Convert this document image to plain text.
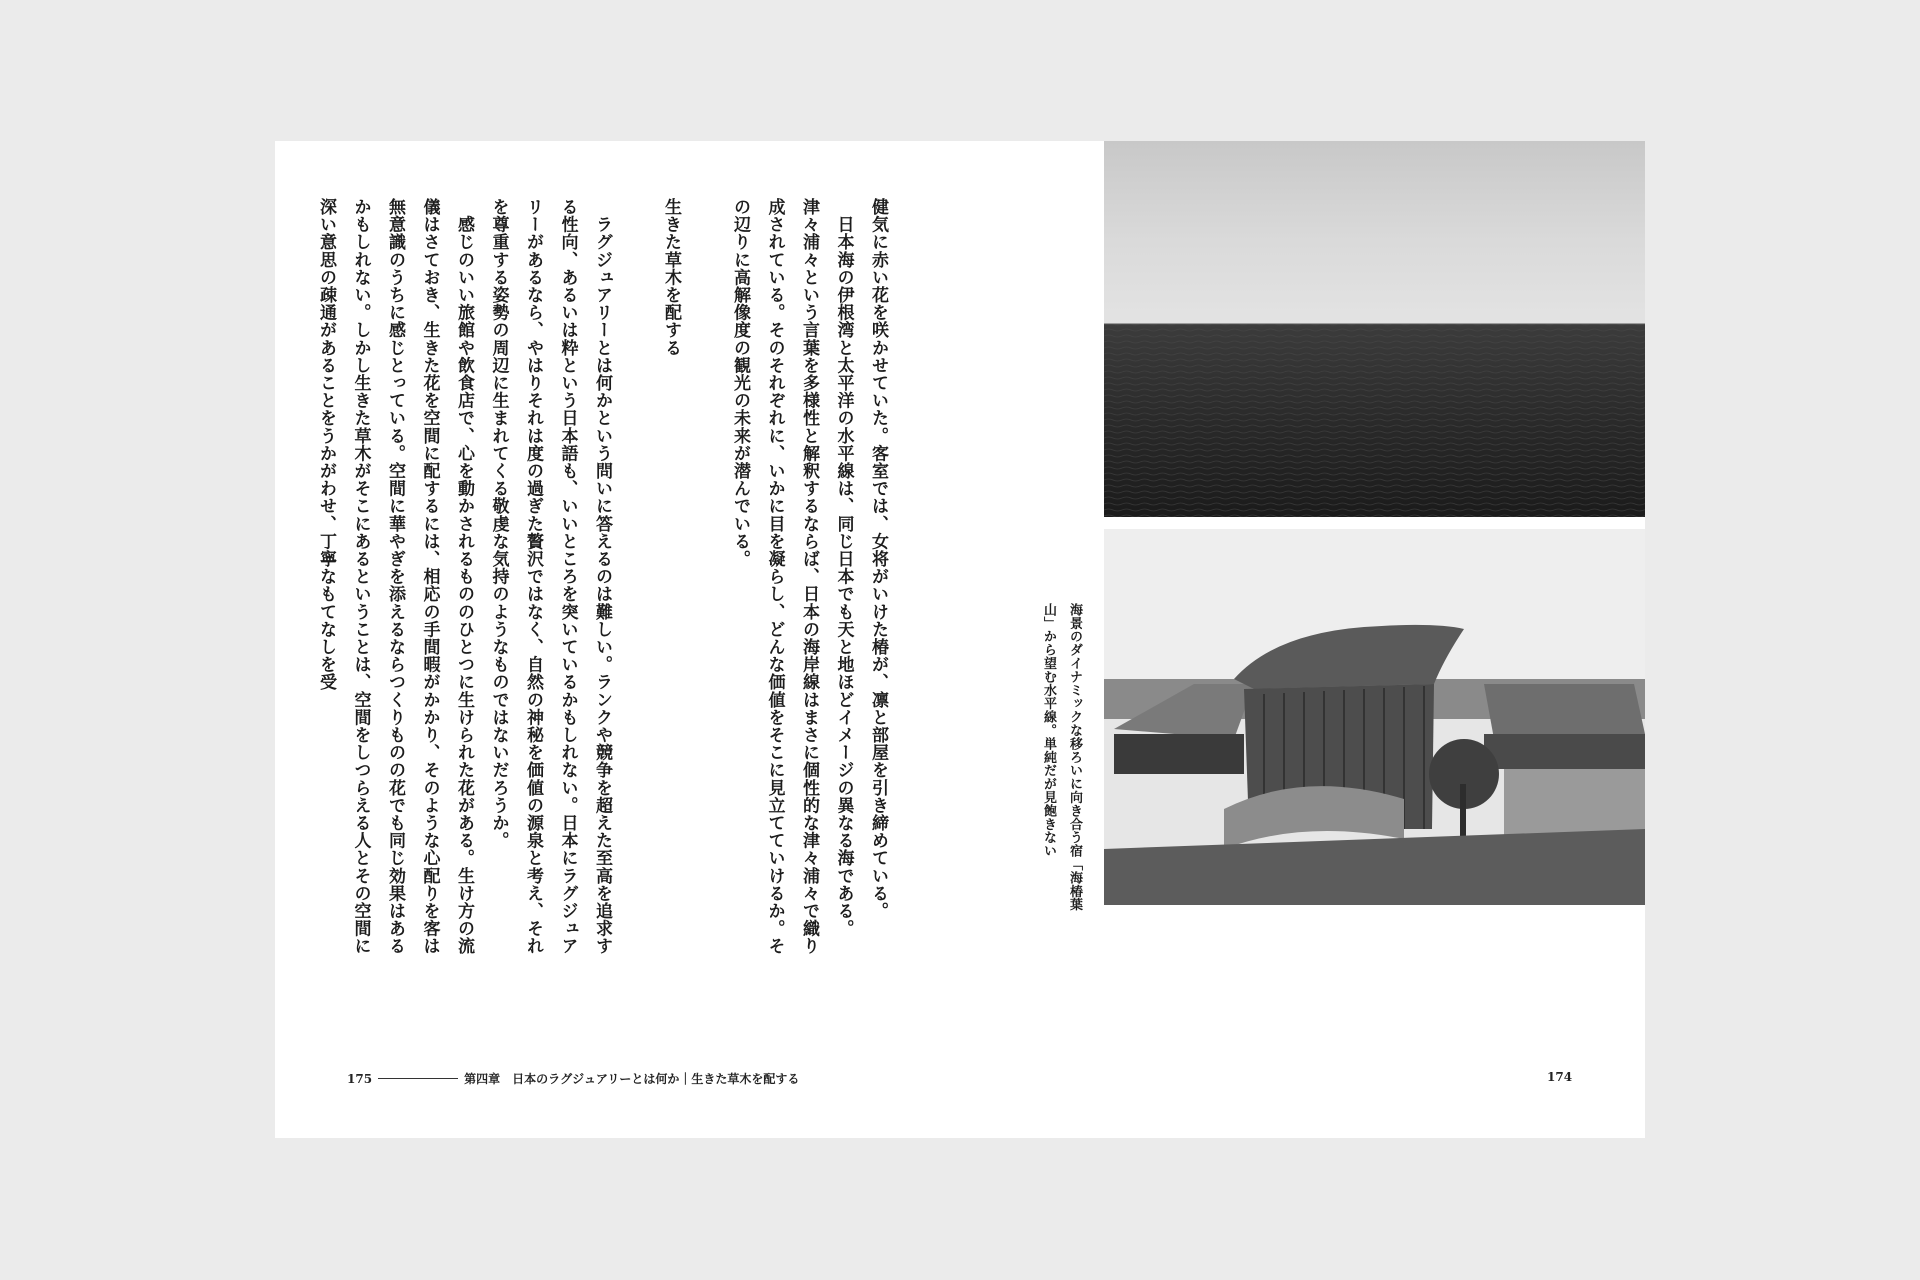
健気に赤い花を咲かせていた。客室では、女将がいけた椿が、凛と部屋を引き締めている。

　日本海の伊根湾と太平洋の水平線は、同じ日本でも天と地ほどイメージの異なる海である。津々浦々という言葉を多様性と解釈するならば、日本の海岸線はまさに個性的な津々浦々で織り成されている。そのそれぞれに、いかに目を凝らし、どんな価値をそこに見立てていけるか。その辺りに高解像度の観光の未来が潜んでいる。

生きた草木を配する

　ラグジュアリーとは何かという問いに答えるのは難しい。ランクや競争を超えた至高を追求する性向、あるいは粋という日本語も、いいところを突いているかもしれない。日本にラグジュアリーがあるなら、やはりそれは度の過ぎた贅沢ではなく、自然の神秘を価値の源泉と考え、それを尊重する姿勢の周辺に生まれてくる敬虔な気持のようなものではないだろうか。

　感じのいい旅館や飲食店で、心を動かされるもののひとつに生けられた花がある。生け方の流儀はさておき、生きた花を空間に配するには、相応の手間暇がかかり、そのような心配りを客は無意識のうちに感じとっている。空間に華やぎを添えるならつくりものの花でも同じ効果はあるかもしれない。しかし生きた草木がそこにあるということは、空間をしつらえる人とその空間に深い意思の疎通があることをうかがわせ、丁寧なもてなしを受

海景のダイナミックな移ろいに向き合う宿「海椿葉山」から望む水平線。単純だが見飽きない
175	第四章　日本のラグジュアリーとは何か｜生きた草木を配する	174
